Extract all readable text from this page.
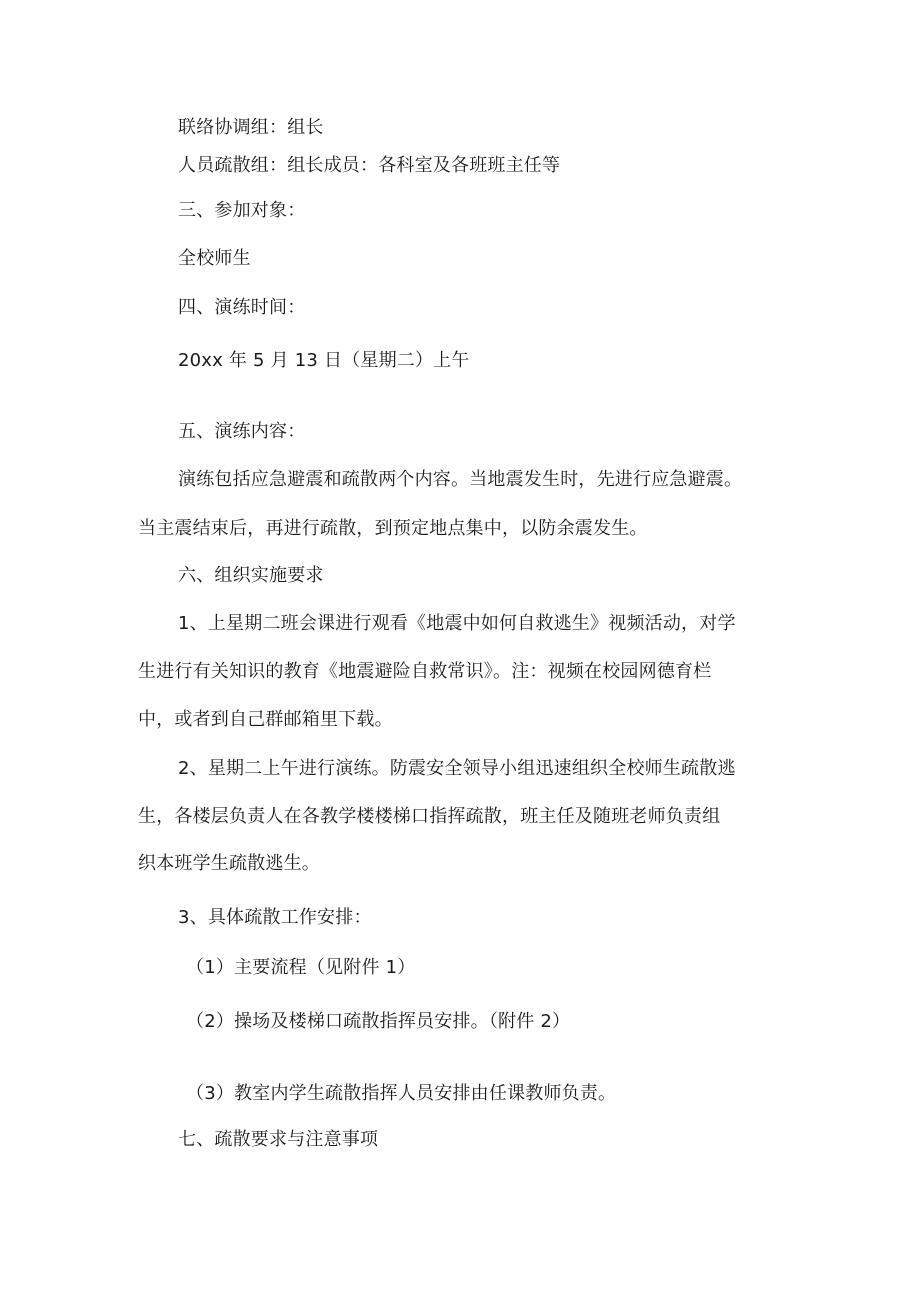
联络协调组：组长
人员疏散组：组长成员：各科室及各班班主任等
三、参加对象：
全校师生
四、演练时间：
20xx 年 5 月 13 日（星期二）上午
五、演练内容：
演练包括应急避震和疏散两个内容。当地震发生时，先进行应急避震。
当主震结束后，再进行疏散，到预定地点集中，以防余震发生。
六、组织实施要求
1、上星期二班会课进行观看《地震中如何自救逃生》视频活动，对学
生进行有关知识的教育《地震避险自救常识》。注：视频在校园网德育栏
中，或者到自己群邮箱里下载。
2、星期二上午进行演练。防震安全领导小组迅速组织全校师生疏散逃
生，各楼层负责人在各教学楼楼梯口指挥疏散，班主任及随班老师负责组
织本班学生疏散逃生。
3、具体疏散工作安排：
（1）主要流程（见附件 1）
（2）操场及楼梯口疏散指挥员安排。（附件 2）
（3）教室内学生疏散指挥人员安排由任课教师负责。
七、疏散要求与注意事项
